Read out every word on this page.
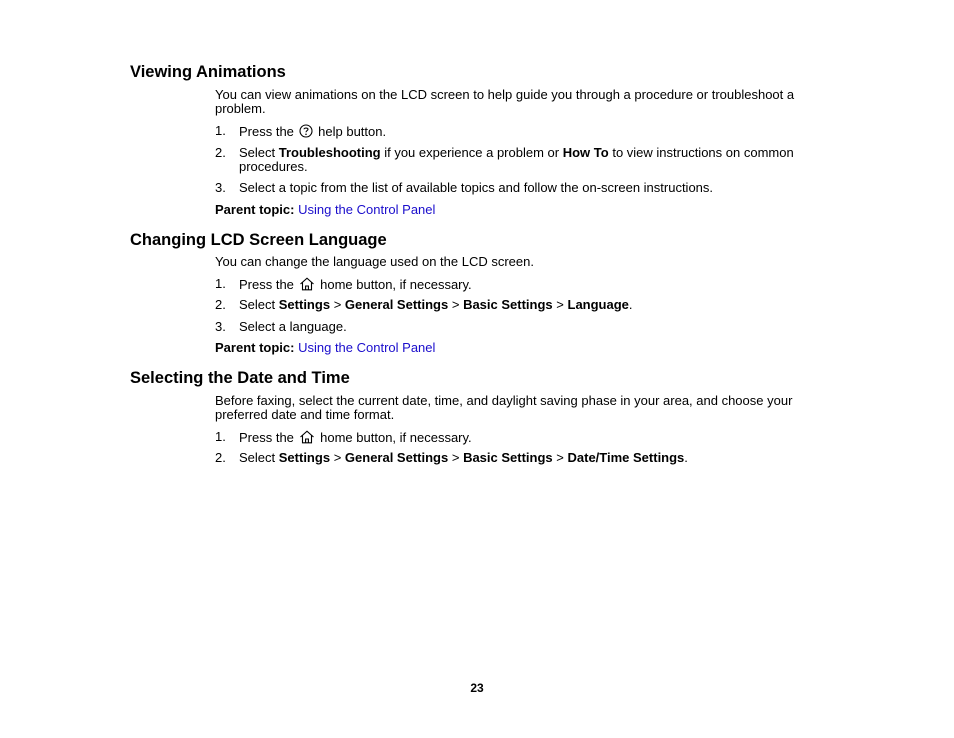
Viewing Animations

You can view animations on the LCD screen to help guide you through a procedure or troubleshoot a problem.

1. Press the  help button.
2. Select Troubleshooting if you experience a problem or How To to view instructions on common procedures.
3. Select a topic from the list of available topics and follow the on-screen instructions.
Parent topic: Using the Control Panel
Changing LCD Screen Language

You can change the language used on the LCD screen.

1. Press the  home button, if necessary.
2. Select Settings > General Settings > Basic Settings > Language.
3. Select a language.
Parent topic: Using the Control Panel
Selecting the Date and Time

Before faxing, select the current date, time, and daylight saving phase in your area, and choose your preferred date and time format.

1. Press the  home button, if necessary.
2. Select Settings > General Settings > Basic Settings > Date/Time Settings.
23
